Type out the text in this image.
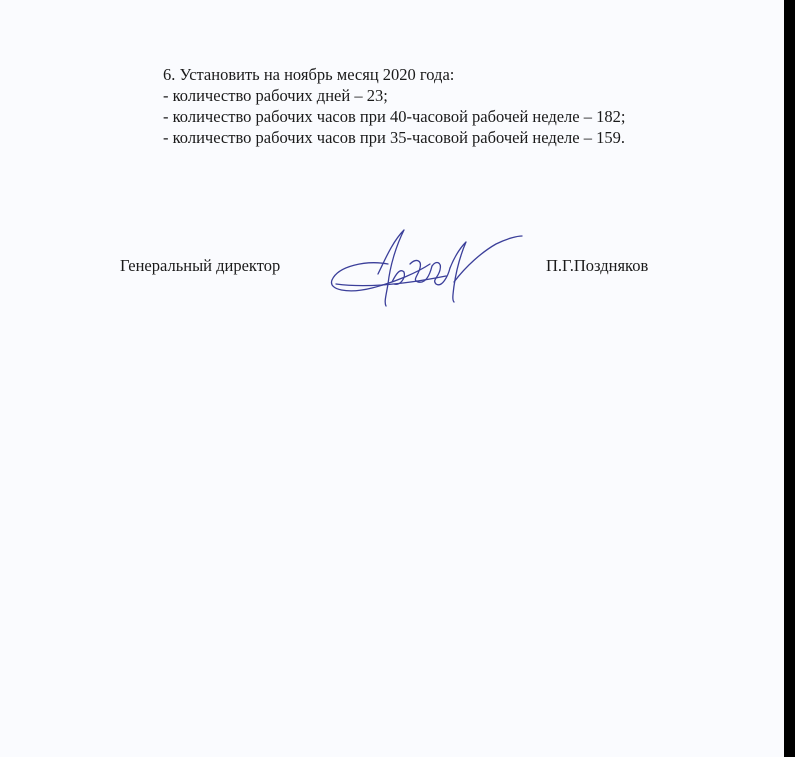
6. Установить на ноябрь месяц 2020 года:
- количество рабочих дней – 23;
- количество рабочих часов при 40-часовой рабочей неделе – 182;
- количество рабочих часов при 35-часовой рабочей неделе – 159.
Генеральный директор	П.Г.Поздняков
